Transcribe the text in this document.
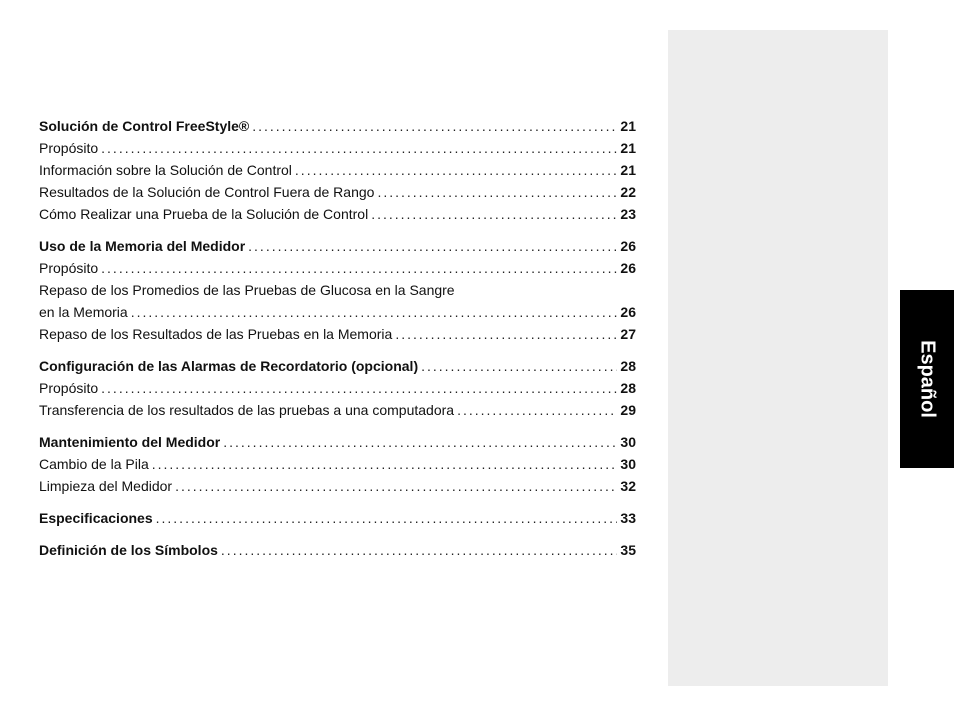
Solución de Control FreeStyle® .....	21
Propósito .....	21
Información sobre la Solución de Control .....	21
Resultados de la Solución de Control Fuera de Rango .....	22
Cómo Realizar una Prueba de la Solución de Control .....	23
Uso de la Memoria del Medidor .....	26
Propósito .....	26
Repaso de los Promedios de las Pruebas de Glucosa en la Sangre
en la Memoria .....	26
Repaso de los Resultados de las Pruebas en la Memoria .....	27
Configuración de las Alarmas de Recordatorio (opcional) .....	28
Propósito .....	28
Transferencia de los resultados de las pruebas a una computadora .....	29
Mantenimiento del Medidor .....	30
Cambio de la Pila .....	30
Limpieza del Medidor .....	32
Especificaciones .....	33
Definición de los Símbolos .....	35
Español
